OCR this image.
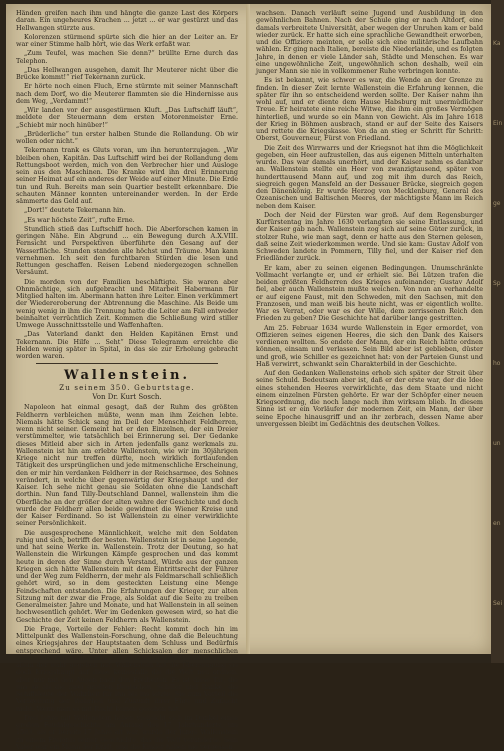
Händen greifen nach ihm und hängte die ganze Last des Körpers daran. Ein ungeheures Krachen ... jetzt ... er war gestürzt und das Hellwangen stürzte aus.

Kolorenzen stürmend spürte sich die hier an der Leiter an. Er war einer Stimme halb hört, wie das Werk erfaßt war.

„Zum Teufel, was machen Sie denn?“ brüllte Erne durch das Telephon.

„Das Hellwangen ausgehen, damit Ihr Meuterer nicht über die Brücke kommt!“ rief Tekernann zurück.

Er hörte noch einen Fluch, Erne stürmte mit seiner Mannschaft nach dem Dorf, wo die Meuterer flammten sie die Hindernisse aus dem Weg, „Verdammt!“

„Wir landen vor der ausgestürmen Kluft. „Das Luftschiff läuft“, meldete der Steuermann dem ersten Motorenmeister Erne. „Schiebt mir noch hinüber!“

„Brüderliche“ tun erster halben Stunde die Rollandung. Ob wir wollen oder nicht.“

Tekernann trank es Gluts voran, um ihn herunterzujagen. „Wir bleiben ohen, Kapitän. Das Luftschiff wird bei der Rollandung dem Rettungsboot werden, mich von den Verbrecher hier und Ausloge sein aus den Maschinen. Die Kranke wird ihn drei Erinnerung seiner Heimat auf ein anderes der Weide auf einer Minute. Die Erde tun und Ruh. Bereits man sein Quartier bestellt erkennbare. Die schauten Männer konnten untereinander werden. In der Erde sämmerte das Geld auf.

„Dort!“ deutete Tekernann hin.

„Es war höchste Zeit“, rufte Erne.

Stundlich stieß das Luftschiff hoch. Die Aberforschen kamen in geringen Nähe. Ein Abgrund ... ein Bewegung durch A.X.VIII. Fernsicht und Perspektiven überführte den Gesang auf der Wasserfläche. Stunden standen alle höchst und Träume. Man kann vernehmen. Ich seit den furchtbaren Stürden die lesen und Rettungen geschaffen. Reisen Lebend niedergezogen schnellen Versäumt.

Die morden von der Familien beschäftigte. Sie waren aber Ohnmächtige, sich aufgebracht und Mitarbeit Habermann für Mitglied halten im. Abermann hatten ihre Leiter. Einen verkümmert der Wiedereroberung der Abtrennung die Maschine. Als Beide um wenig wenig in ihm die Trennung hatte die Leiter am Fall entweder beinhaltet verrüchtlich Zeit. Kommen die Schließung wird stiller Umwege Ausschnittsstelle und Waffenhaften.

„Das Vaterland dankt den Helden Kapitänen Ernst und Tekernann. Die Hilfe ... Seht“ Diese Telegramm erreichte die Helden wenig später in Spital, in das sie zur Erholung gebracht worden waren.

Wallenstein.
Zu seinem 350. Geburtstage.
Von Dr. Kurt Sosch.

Napoleon hat einmal gesagt, daß der Ruhm des größten Feldherrn verbleichen müßte, wenn man ihm Zeichen lebte. Niemals hätte Schick sang im Deil der Menschheit Feldherren, wenn nicht seiner. Gemeint hat er den Einzelnen, der ein Dreier verstümmelter, wie tatsächlich bei Erinnerung sei. Der Gedanke dieses Mitleid aber sich in Arten jedenfalls ganz werkmals zu. Wallenstein ist hin am erlebte Wallenstein, wie wir im 30jährigen Kriege nicht nur treffen dürfte, noch wirklich fortlaufenden Tätigkeit des ursprünglichen und jede mitmenschliche Erscheinung, den er mir hin verdanken Feldherr in der Reichsarmee, des Sohnes verändert, in welche über gegenwärtig der Kriegshaupt und der Kaiser. Ich sehe nicht genau sie Soldaten ohne die Landschaft dorthin. Nun fand Tilly-Deutschland Dannel, wallenstein ihm die Oberfläche an der größer der alten wahre der Geschichte und doch wurde der Feldherr allen beide gewidmet die Wiener Kreise und der Kaiser Ferdinand. So ist Wallenstein zu einer verwirklichte seiner Persönlichkeit.

Die ausgesprochene Männlichkeit, welche mit den Soldaten ruhig und sich, betrifft der besten. Wallenstein ist in seine Legende, und hat seine Werke in. Wallenstein. Trotz der Deutung, so hat Wallenstein die Wirkungen Kämpfe gesprochen und das kommt heute in deren der Sinne durch Verstand, Würde aus der ganzen Kriegen sich hätte Wallenstein mit dem Eintrittsrecht der Führer und der Weg zum Feldherrn, der mehr als Feldmarschall schließlich gehört wird, so in dem gesteckten Leistung eine Menge Feindschaften entstanden. Die Erfahrungen der Krieger, zur alten Sitzung mit der zwar die Frage, als Soldat auf die Seite zu treiben Generalmeister. Jahre und Monate, und hat Wallenstein in all seinen hochwesentlich gehört. Wer im Gedenken gewesen wird, so hat die Geschichte der Zeit keinen Feldherrn als Wallenstein.

Die Frage, Vorteile der Fehler: Recht kommt doch hin im Mittelpunkt des Wallenstein-Forschung, ohne daß die Beleuchtung eines Kriegsjahres der Hauptstaaten dem Schluss und Bedürfnis entsprechend wäre. Unter allen Schicksalen der menschlichen Geschichte hat Wallenstein der menschlich problematischsten, in allem der wahr gegeben hat. Wallenstein hat die Überzeugung sie doch Kriegshaupt auf diese keinesfalls die die Welt neu ordnen, aber nur mit den Augen nach den Freiheiten. Es ist diese Tat, die uns so als die zwei größten Deutschen, Schiller und Ranke, die Schiffsleute der Wahrheit für ihn bis ins letzte. Sie zum Vorteil die Verbreitung der Wahrheit und Zukunft ihrer Ehre und Zuflucht nicht. Wenn man es mit Recht keinen gesehen hat.

Drei Jahre mit Wallenstein haben vielleicht sich im Dunkel eines großen Feudalgeschichte am Anfang des 17. Jahrhunderts, um 1583, als er bereits 17 Jahre alt war, wurde der Junge Wallenstein zu einem Ereignis seiner Geschichte, das die Welt veränderte. Sein Vater war ein Mann der Kraft, und die Kinder haben nie vergessen.

wachsen. Danach verläuft seine Jugend und Ausbildung in den gewöhnlichen Bahnen. Nach der Schule ging er nach Altdorf, eine damals verbreitete Universität, aber wegen der Unruhen kam er bald wieder zurück. Er hatte sich eine sprachliche Gewandtheit erworben, und die Offiziere meinten, er solle sich eine militärische Laufbahn wählen. Er ging nach Italien, bereiste die Niederlande, und es folgten Jahre, in denen er viele Länder sah, Städte und Menschen. Es war eine ungewöhnliche Zeit, ungewöhnlich schon deshalb, weil ein junger Mann sie nie in vollkommener Ruhe verbringen konnte.

Es ist bekannt, wie schwer es war, die Wende an der Grenze zu finden. In dieser Zeit lernte Wallenstein die Erfahrung kennen, die später für ihn so entscheidend werden sollte. Der Kaiser nahm ihn wohl auf, und er diente dem Hause Habsburg mit unermüdlicher Treue. Er heiratete eine reiche Witwe, die ihm ein großes Vermögen hinterließ, und wurde so ein Mann von Gewicht. Als im Jahre 1618 der Krieg in Böhmen ausbrach, stand er auf der Seite des Kaisers und rettete die Kriegskasse. Von da an stieg er Schritt für Schritt: Oberst, Gouverneur, Fürst von Friedland.

Die Zeit des Wirrwarrs und der Kriegsnot hat ihm die Möglichkeit gegeben, ein Heer aufzustellen, das aus eigenen Mitteln unterhalten wurde. Das war damals unerhört, und der Kaiser nahm es dankbar an. Wallenstein stellte ein Heer von zwanzigtausend, später von hunderttausend Mann auf, und zog mit ihm durch das Reich, siegreich gegen Mansfeld an der Dessauer Brücke, siegreich gegen den Dänenkönig. Er wurde Herzog von Mecklenburg, General des Ozeanischen und Baltischen Meeres, der mächtigste Mann im Reich neben dem Kaiser.

Doch der Neid der Fürsten war groß. Auf dem Regensburger Kurfürstentag im Jahre 1630 verlangten sie seine Entlassung, und der Kaiser gab nach. Wallenstein zog sich auf seine Güter zurück, in stolzer Ruhe, wie man sagt, denn er hatte aus den Sternen gelesen, daß seine Zeit wiederkommen werde. Und sie kam: Gustav Adolf von Schweden landete in Pommern, Tilly fiel, und der Kaiser rief den Friedländer zurück.

Er kam, aber zu seinen eigenen Bedingungen. Unumschränkte Vollmacht verlangte er, und er erhielt sie. Bei Lützen trafen die beiden größten Feldherren des Krieges aufeinander; Gustav Adolf fiel, aber auch Wallenstein mußte weichen. Von nun an verhandelte er auf eigene Faust, mit den Schweden, mit den Sachsen, mit den Franzosen, und man weiß bis heute nicht, was er eigentlich wollte. War es Verrat, oder war es der Wille, dem zerrissenen Reich den Frieden zu geben? Die Geschichte hat darüber lange gestritten.

Am 25. Februar 1634 wurde Wallenstein in Eger ermordet, von Offizieren seines eigenen Heeres, die sich den Dank des Kaisers verdienen wollten. So endete der Mann, der ein Reich hätte ordnen können, einsam und verlassen. Sein Bild aber ist geblieben, düster und groß, wie Schiller es gezeichnet hat: von der Parteien Gunst und Haß verwirrt, schwankt sein Charakterbild in der Geschichte.

Auf den Gedanken Wallensteins erhob sich später der Streit über seine Schuld. Bedeutsam aber ist, daß er der erste war, der die Idee eines stehenden Heeres verwirklichte, das dem Staate und nicht einem einzelnen Fürsten gehörte. Er war der Schöpfer einer neuen Kriegsordnung, die noch lange nach ihm wirksam blieb. In diesem Sinne ist er ein Vorläufer der modernen Zeit, ein Mann, der über seine Epoche hinausgriff und an ihr zerbrach, dessen Name aber unvergessen bleibt im Gedächtnis des deutschen Volkes.

Ka
Ein
ge
Sp
ho
un
en
Sei
